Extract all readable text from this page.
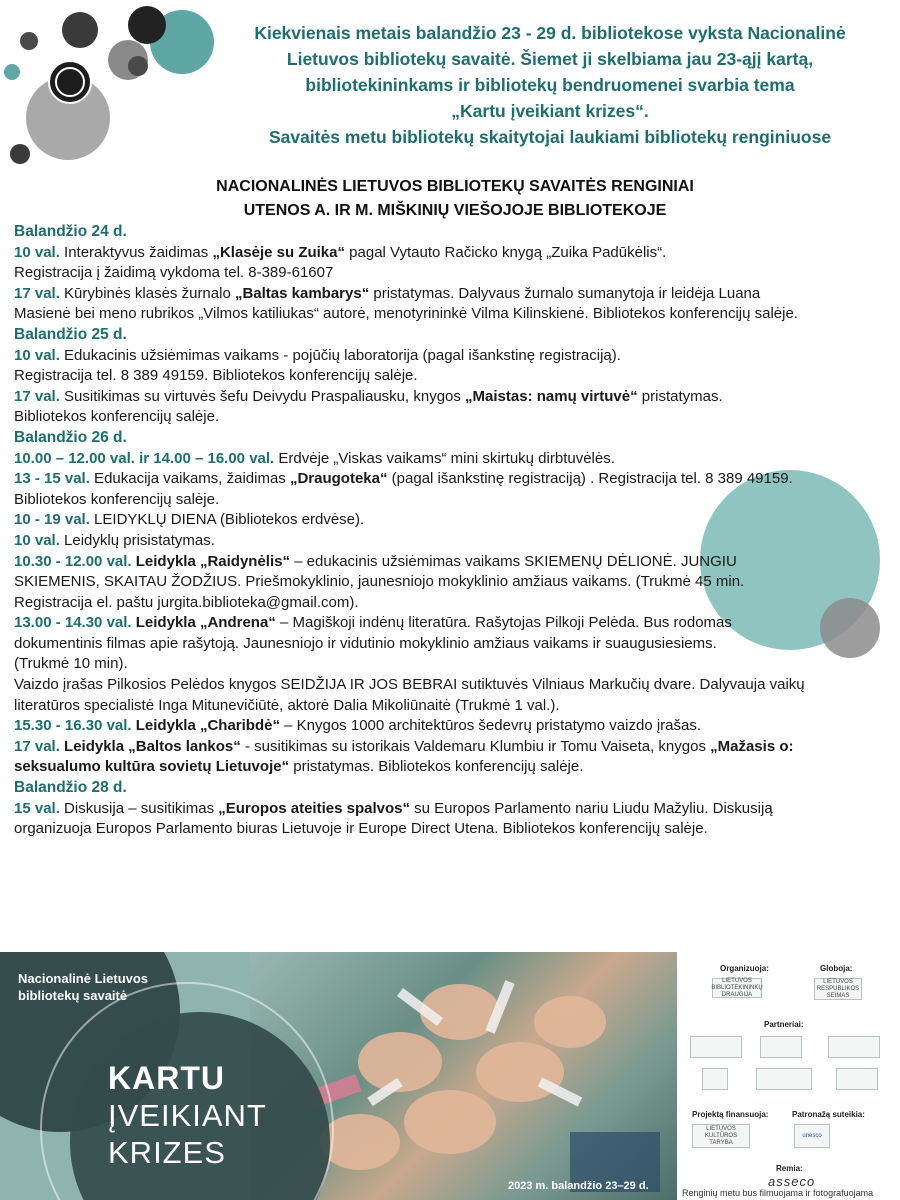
Kiekvienais metais balandžio 23 - 29 d. bibliotekose vyksta Nacionalinė
Lietuvos bibliotekų savaitė. Šiemet ji skelbiama jau 23-ąjį kartą,
bibliotekininkams ir bibliotekų bendruomenei svarbia tema
„Kartu įveikiant krizes“.
Savaitės metu bibliotekų skaitytojai laukiami bibliotekų renginiuose
NACIONALINĖS LIETUVOS BIBLIOTEKŲ SAVAITĖS RENGINIAI
UTENOS A. IR M. MIŠKINIŲ VIEŠOJOJE BIBLIOTEKOJE
Balandžio 24 d.
10 val. Interaktyvus žaidimas „Klasėje su Zuika“ pagal Vytauto Račicko knygą „Zuika Padūkėlis“.
Registracija į žaidimą vykdoma tel. 8-389-61607
17 val. Kūrybinės klasės žurnalo „Baltas kambarys“ pristatymas. Dalyvaus žurnalo sumanytoja ir leidėja Luana
Masienė bei meno rubrikos „Vilmos katiliukas“ autorė, menotyrininkė Vilma Kilinskienė. Bibliotekos konferencijų salėje.
Balandžio 25 d.
10 val. Edukacinis užsiėmimas vaikams - pojūčių laboratorija (pagal išankstinę registraciją).
Registracija tel. 8 389 49159. Bibliotekos konferencijų salėje.
17 val. Susitikimas su virtuvės šefu Deivydu Praspaliausku, knygos „Maistas: namų virtuvė“ pristatymas.
Bibliotekos konferencijų salėje.
Balandžio 26 d.
10.00 – 12.00 val. ir 14.00 – 16.00 val. Erdvėje „Viskas vaikams“ mini skirtukų dirbtuvėlės.
13 - 15 val. Edukacija vaikams, žaidimas „Draugoteka“ (pagal išankstinę registraciją) . Registracija tel. 8 389 49159.
Bibliotekos konferencijų salėje.
10 - 19 val. LEIDYKLŲ DIENA (Bibliotekos erdvėse).
10 val. Leidyklų prisistatymas.
10.30 - 12.00 val. Leidykla „Raidynėlis“ – edukacinis užsiėmimas vaikams SKIEMENŲ DĖLIONĖ. JUNGIU
SKIEMENIS, SKAITAU ŽODŽIUS. Priešmokyklinio, jaunesniojo mokyklinio amžiaus vaikams. (Trukmė 45 min.
Registracija el. paštu jurgita.biblioteka@gmail.com).
13.00 - 14.30 val. Leidykla „Andrena“ – Magiškoji indėnų literatūra. Rašytojas Pilkoji Pelėda. Bus rodomas
dokumentinis filmas apie rašytoją. Jaunesniojo ir vidutinio mokyklinio amžiaus vaikams ir suaugusiesiems.
(Trukmė 10 min).
Vaizdo įrašas Pilkosios Pelėdos knygos SEIDŽIJA IR JOS BEBRAI sutiktuvės Vilniaus Markučių dvare. Dalyvauja vaikų
literatūros specialistė Inga Mitunevičiūtė, aktorė Dalia Mikoliūnaitė (Trukmė 1 val.).
15.30 - 16.30 val. Leidykla „Charibdė“ – Knygos 1000 architektūros šedevrų pristatymo vaizdo įrašas.
17 val. Leidykla „Baltos lankos“ - susitikimas su istorikais Valdemaru Klumbiu ir Tomu Vaiseta, knygos „Mažasis o:
seksualumo kultūra sovietų Lietuvoje“ pristatymas. Bibliotekos konferencijų salėje.
Balandžio 28 d.
15 val. Diskusija – susitikimas „Europos ateities spalvos“ su Europos Parlamento nariu Liudu Mažyliu. Diskusiją
organizuoja Europos Parlamento biuras Lietuvoje ir Europe Direct Utena. Bibliotekos konferencijų salėje.
Nacionalinė Lietuvos
bibliotekų savaitė
KARTU
ĮVEIKIANT
KRIZES
2023 m. balandžio 23–29 d.
Organizuoja:	Globoja:
LIETUVOS BIBLIOTEKININKŲ DRAUGIJA
LIETUVOS RESPUBLIKOS SEIMAS
Partneriai:
Projektą finansuoja:	Patronažą suteikia:
LIETUVOS KULTŪROS TARYBA
unesco
Remia:
asseco
Renginių metu bus filmuojama ir fotografuojama
